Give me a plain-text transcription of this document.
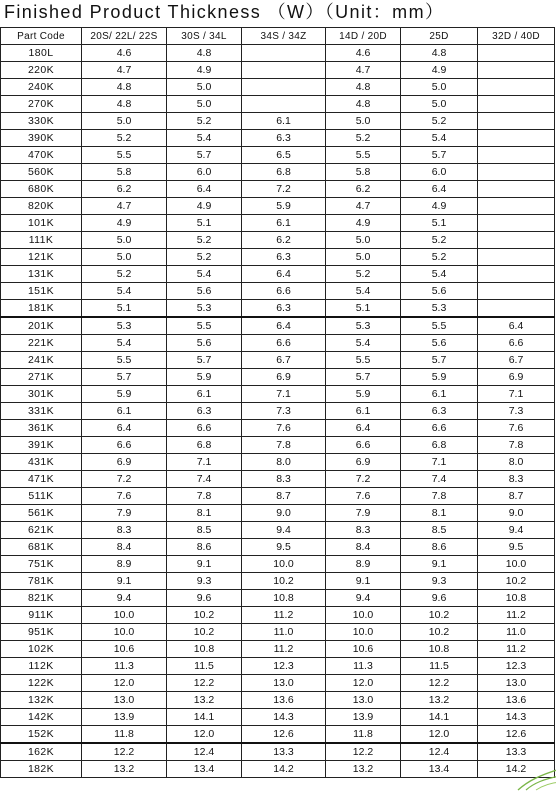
Finished Product Thickness （W）（Unit：mm）
Part Code	20S/ 22L/ 22S	30S / 34L	34S / 34Z	14D / 20D	25D	32D / 40D
180L	4.6	4.8		4.6	4.8	
220K	4.7	4.9		4.7	4.9	
240K	4.8	5.0		4.8	5.0	
270K	4.8	5.0		4.8	5.0	
330K	5.0	5.2	6.1	5.0	5.2	
390K	5.2	5.4	6.3	5.2	5.4	
470K	5.5	5.7	6.5	5.5	5.7	
560K	5.8	6.0	6.8	5.8	6.0	
680K	6.2	6.4	7.2	6.2	6.4	
820K	4.7	4.9	5.9	4.7	4.9	
101K	4.9	5.1	6.1	4.9	5.1	
111K	5.0	5.2	6.2	5.0	5.2	
121K	5.0	5.2	6.3	5.0	5.2	
131K	5.2	5.4	6.4	5.2	5.4	
151K	5.4	5.6	6.6	5.4	5.6	
181K	5.1	5.3	6.3	5.1	5.3	
201K	5.3	5.5	6.4	5.3	5.5	6.4
221K	5.4	5.6	6.6	5.4	5.6	6.6
241K	5.5	5.7	6.7	5.5	5.7	6.7
271K	5.7	5.9	6.9	5.7	5.9	6.9
301K	5.9	6.1	7.1	5.9	6.1	7.1
331K	6.1	6.3	7.3	6.1	6.3	7.3
361K	6.4	6.6	7.6	6.4	6.6	7.6
391K	6.6	6.8	7.8	6.6	6.8	7.8
431K	6.9	7.1	8.0	6.9	7.1	8.0
471K	7.2	7.4	8.3	7.2	7.4	8.3
511K	7.6	7.8	8.7	7.6	7.8	8.7
561K	7.9	8.1	9.0	7.9	8.1	9.0
621K	8.3	8.5	9.4	8.3	8.5	9.4
681K	8.4	8.6	9.5	8.4	8.6	9.5
751K	8.9	9.1	10.0	8.9	9.1	10.0
781K	9.1	9.3	10.2	9.1	9.3	10.2
821K	9.4	9.6	10.8	9.4	9.6	10.8
911K	10.0	10.2	11.2	10.0	10.2	11.2
951K	10.0	10.2	11.0	10.0	10.2	11.0
102K	10.6	10.8	11.2	10.6	10.8	11.2
112K	11.3	11.5	12.3	11.3	11.5	12.3
122K	12.0	12.2	13.0	12.0	12.2	13.0
132K	13.0	13.2	13.6	13.0	13.2	13.6
142K	13.9	14.1	14.3	13.9	14.1	14.3
152K	11.8	12.0	12.6	11.8	12.0	12.6
162K	12.2	12.4	13.3	12.2	12.4	13.3
182K	13.2	13.4	14.2	13.2	13.4	14.2
